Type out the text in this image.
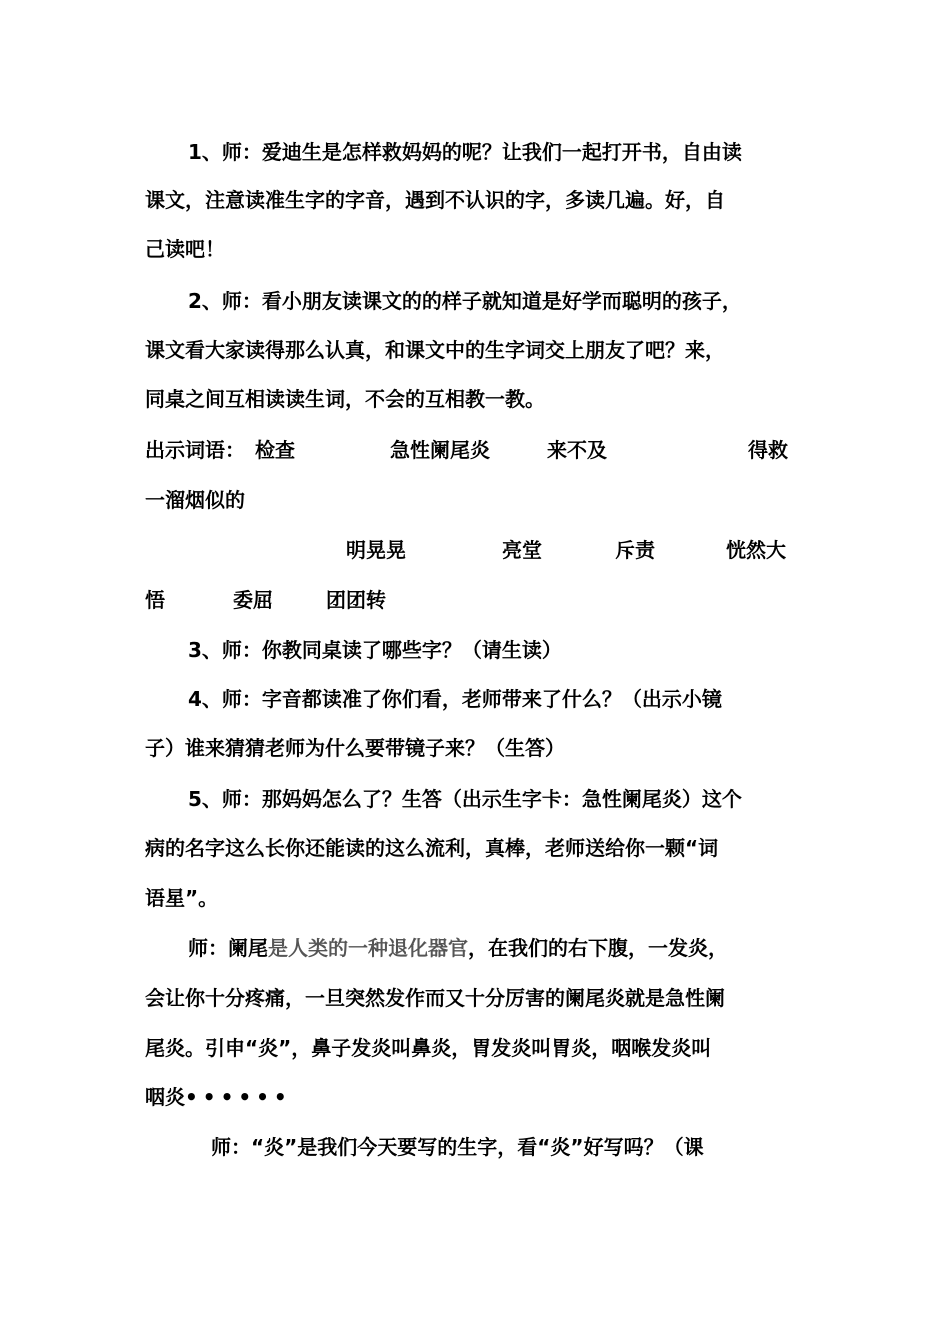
1、师：爱迪生是怎样救妈妈的呢？让我们一起打开书，自由读
课文，注意读准生字的字音，遇到不认识的字，多读几遍。好，自
己读吧！
2、师：看小朋友读课文的的样子就知道是好学而聪明的孩子，
课文看大家读得那么认真，和课文中的生字词交上朋友了吧？来，
同桌之间互相读读生词，不会的互相教一教。
出示词语： 检查	急性阑尾炎	来不及	得救
一溜烟似的
明晃晃	亮堂	斥责	恍然大
悟	委屈	团团转
3、师：你教同桌读了哪些字？（请生读）
4、师：字音都读准了你们看，老师带来了什么？（出示小镜
子）谁来猜猜老师为什么要带镜子来？（生答）
5、师：那妈妈怎么了？生答（出示生字卡：急性阑尾炎）这个
病的名字这么长你还能读的这么流利，真棒，老师送给你一颗“词
语星”。
师：阑尾是人类的一种退化器官，在我们的右下腹，一发炎，
会让你十分疼痛，一旦突然发作而又十分厉害的阑尾炎就是急性阑
尾炎。引申“炎”，鼻子发炎叫鼻炎，胃发炎叫胃炎，咽喉发炎叫
咽炎••••••
师：“炎”是我们今天要写的生字，看“炎”好写吗？（课
